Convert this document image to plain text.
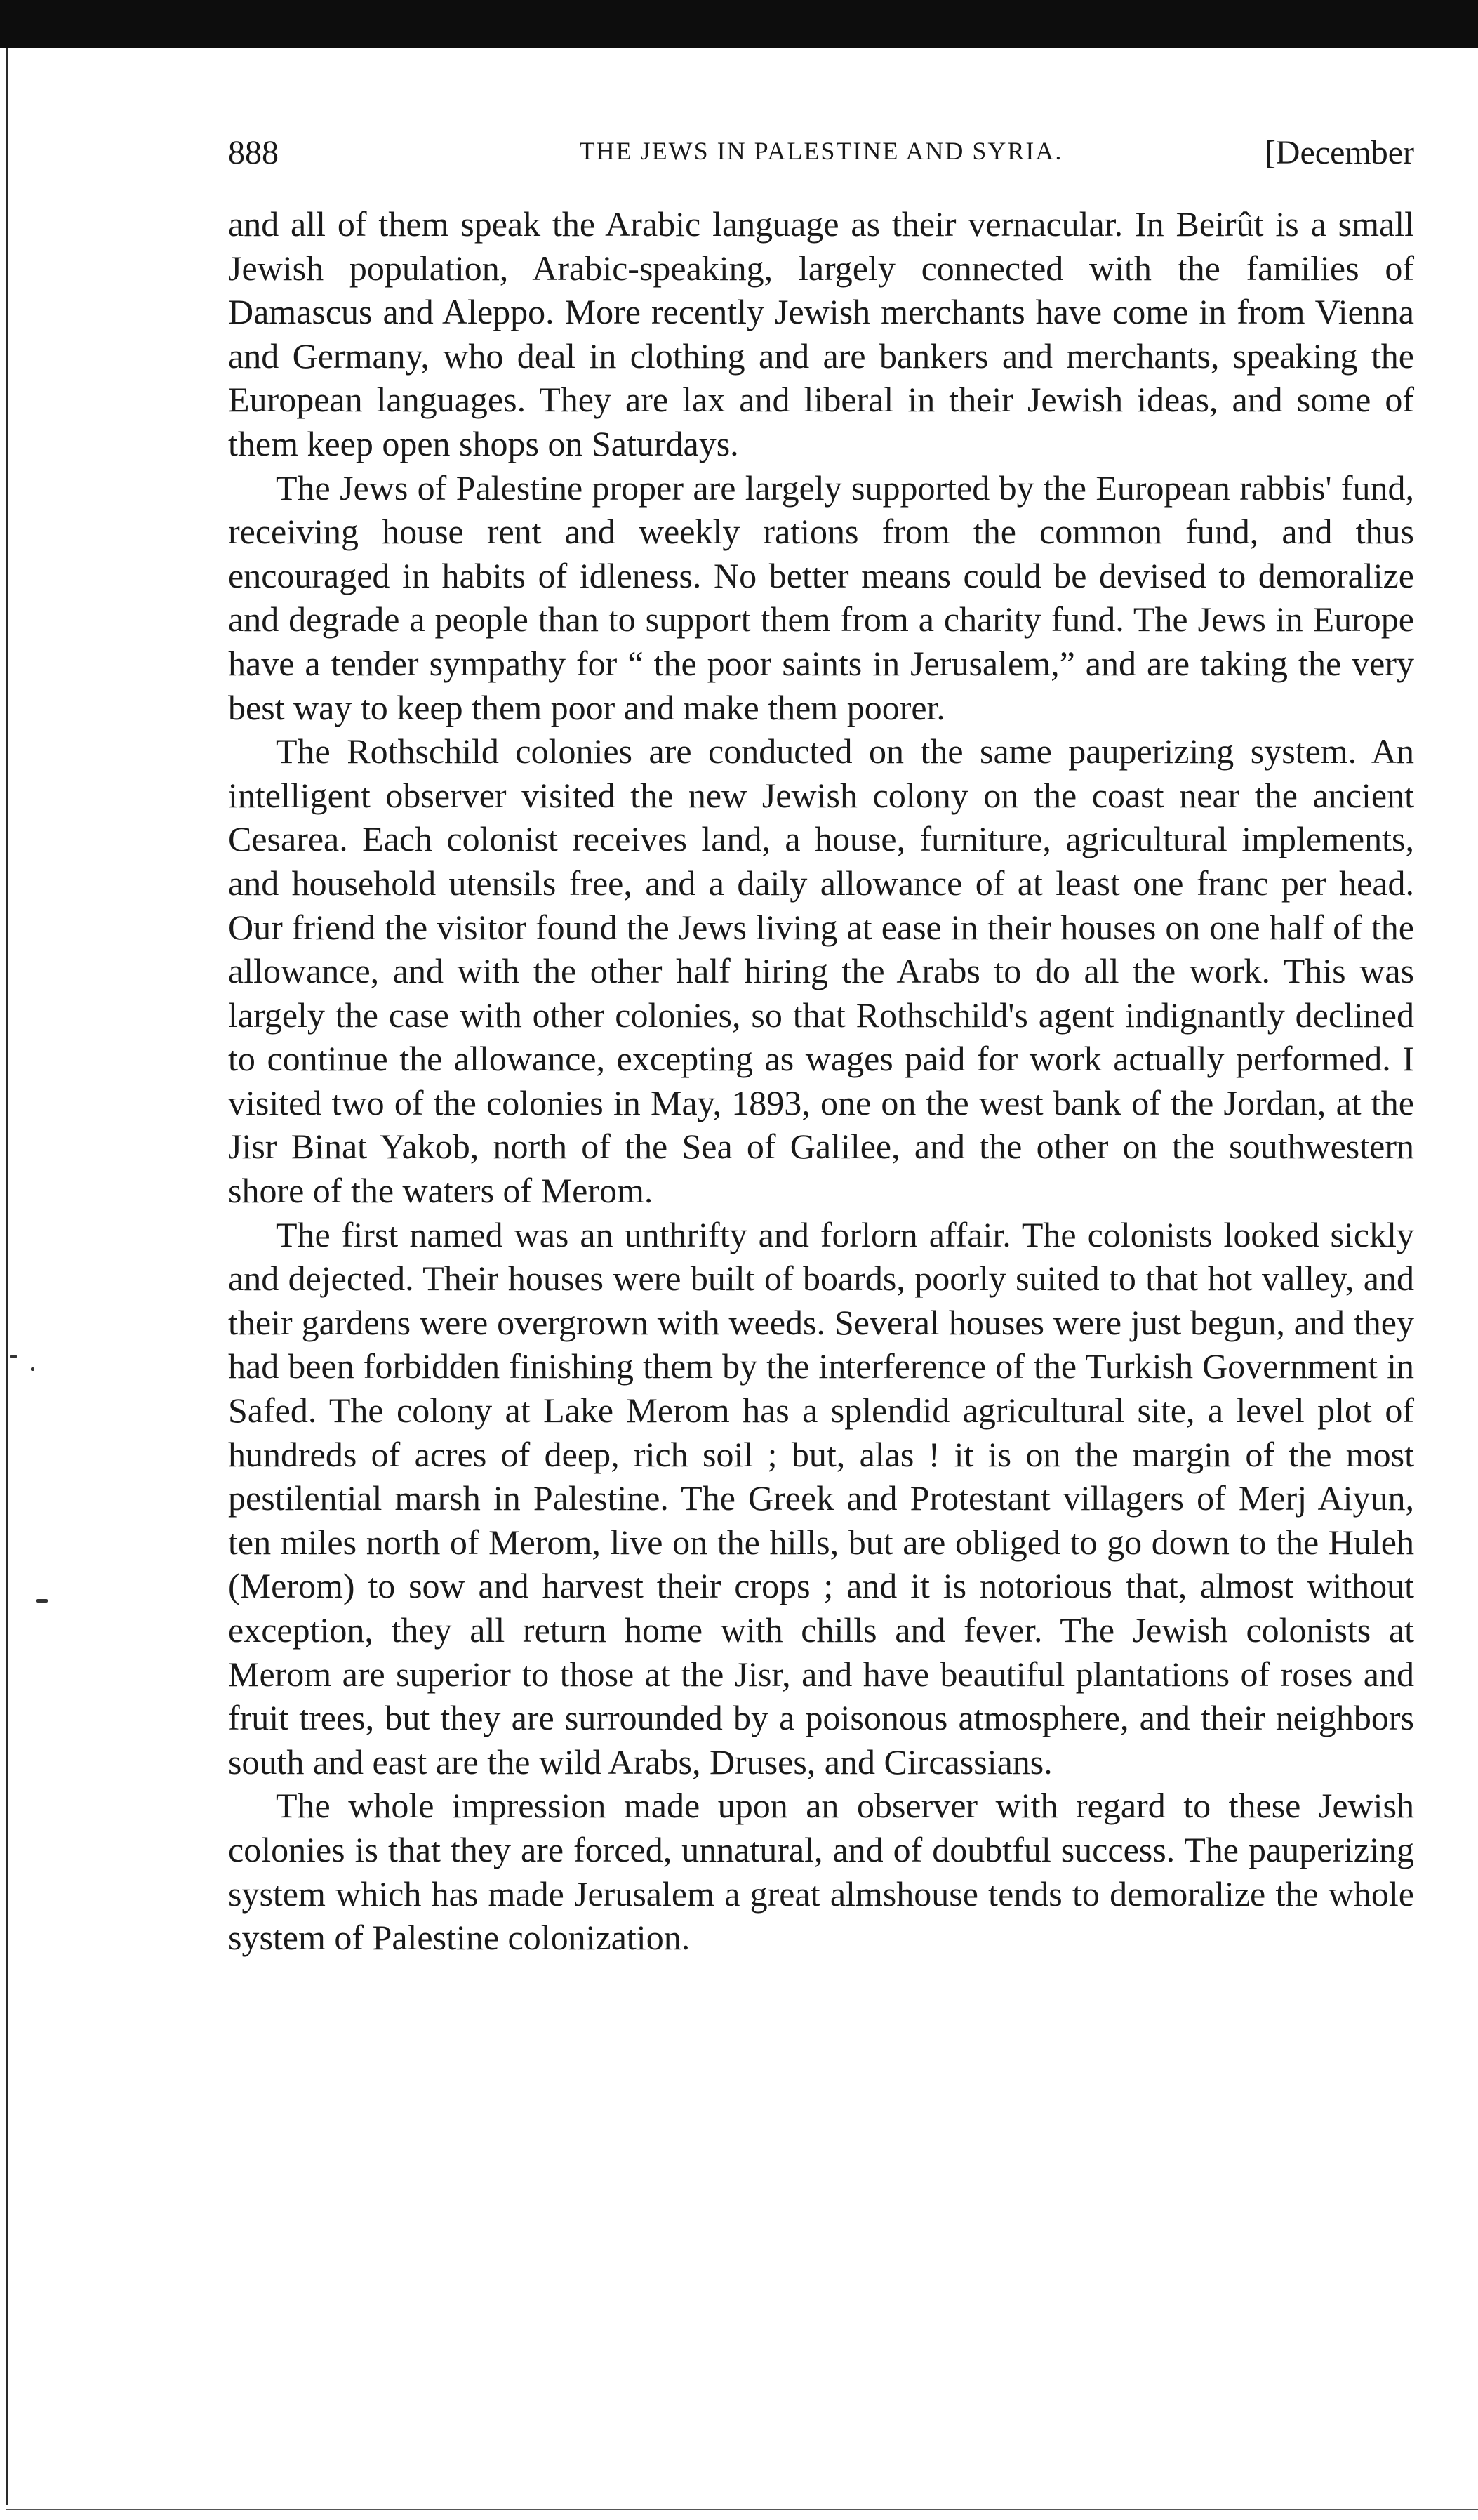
888	THE JEWS IN PALESTINE AND SYRIA.	[December

and all of them speak the Arabic language as their vernacular. In Beirût is a small Jewish population, Arabic-speaking, largely connected with the families of Damascus and Aleppo. More recently Jewish merchants have come in from Vienna and Germany, who deal in clothing and are bankers and merchants, speaking the European languages. They are lax and liberal in their Jewish ideas, and some of them keep open shops on Saturdays.

The Jews of Palestine proper are largely supported by the European rabbis' fund, receiving house rent and weekly rations from the common fund, and thus encouraged in habits of idleness. No better means could be devised to demoralize and degrade a people than to support them from a charity fund. The Jews in Europe have a tender sympathy for “ the poor saints in Jerusalem,” and are taking the very best way to keep them poor and make them poorer.

The Rothschild colonies are conducted on the same pauperizing system. An intelligent observer visited the new Jewish colony on the coast near the ancient Cesarea. Each colonist receives land, a house, furniture, agricultural implements, and household utensils free, and a daily allowance of at least one franc per head. Our friend the visitor found the Jews living at ease in their houses on one half of the allowance, and with the other half hiring the Arabs to do all the work. This was largely the case with other colonies, so that Rothschild's agent indignantly declined to continue the allowance, excepting as wages paid for work actually performed. I visited two of the colonies in May, 1893, one on the west bank of the Jordan, at the Jisr Binat Yakob, north of the Sea of Galilee, and the other on the southwestern shore of the waters of Merom.

The first named was an unthrifty and forlorn affair. The colonists looked sickly and dejected. Their houses were built of boards, poorly suited to that hot valley, and their gardens were overgrown with weeds. Several houses were just begun, and they had been forbidden finishing them by the interference of the Turkish Government in Safed. The colony at Lake Merom has a splendid agricultural site, a level plot of hundreds of acres of deep, rich soil ; but, alas ! it is on the margin of the most pestilential marsh in Palestine. The Greek and Protestant villagers of Merj Aiyun, ten miles north of Merom, live on the hills, but are obliged to go down to the Huleh (Merom) to sow and harvest their crops ; and it is notorious that, almost without exception, they all return home with chills and fever. The Jewish colonists at Merom are superior to those at the Jisr, and have beautiful plantations of roses and fruit trees, but they are surrounded by a poisonous atmosphere, and their neighbors south and east are the wild Arabs, Druses, and Circassians.

The whole impression made upon an observer with regard to these Jewish colonies is that they are forced, unnatural, and of doubtful success. The pauperizing system which has made Jerusalem a great almshouse tends to demoralize the whole system of Palestine colonization.
